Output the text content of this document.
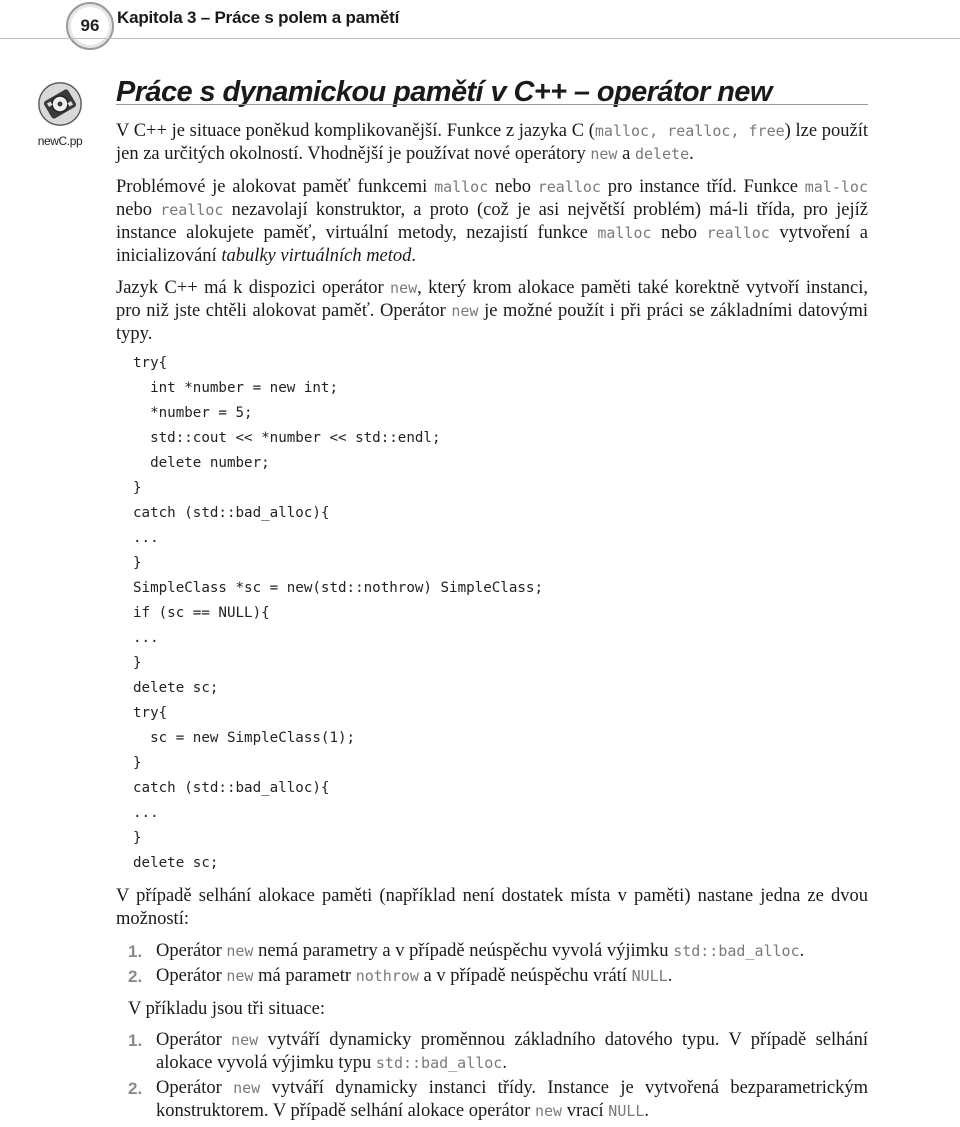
96	Kapitola 3 – Práce s polem a pamětí
newC.pp
Práce s dynamickou pamětí v C++ – operátor new

V C++ je situace poněkud komplikovanější. Funkce z jazyka C (malloc, realloc, free) lze použít jen za určitých okolností. Vhodnější je používat nové operátory new a delete.

Problémové je alokovat paměť funkcemi malloc nebo realloc pro instance tříd. Funkce mal-loc nebo realloc nezavolají konstruktor, a proto (což je asi největší problém) má-li třída, pro jejíž instance alokujete paměť, virtuální metody, nezajistí funkce malloc nebo realloc vytvoření a inicializování tabulky virtuálních metod.

Jazyk C++ má k dispozici operátor new, který krom alokace paměti také korektně vytvoří instanci, pro niž jste chtěli alokovat paměť. Operátor new je možné použít i při práci se základními datovými typy.

try{
int *number = new int;
*number = 5;
std::cout << *number << std::endl;
delete number;
}
catch (std::bad_alloc){
...
}
SimpleClass *sc = new(std::nothrow) SimpleClass;
if (sc == NULL){
...
}
delete sc;
try{
sc = new SimpleClass(1);
}
catch (std::bad_alloc){
...
}
delete sc;

V případě selhání alokace paměti (například není dostatek místa v paměti) nastane jedna ze dvou možností:

1. Operátor new nemá parametry a v případě neúspěchu vyvolá výjimku std::bad_alloc.
2. Operátor new má parametr nothrow a v případě neúspěchu vrátí NULL.

V příkladu jsou tři situace:

1. Operátor new vytváří dynamicky proměnnou základního datového typu. V případě selhání alokace vyvolá výjimku typu std::bad_alloc.
2. Operátor new vytváří dynamicky instanci třídy. Instance je vytvořená bezparametrickým konstruktorem. V případě selhání alokace operátor new vrací NULL.
